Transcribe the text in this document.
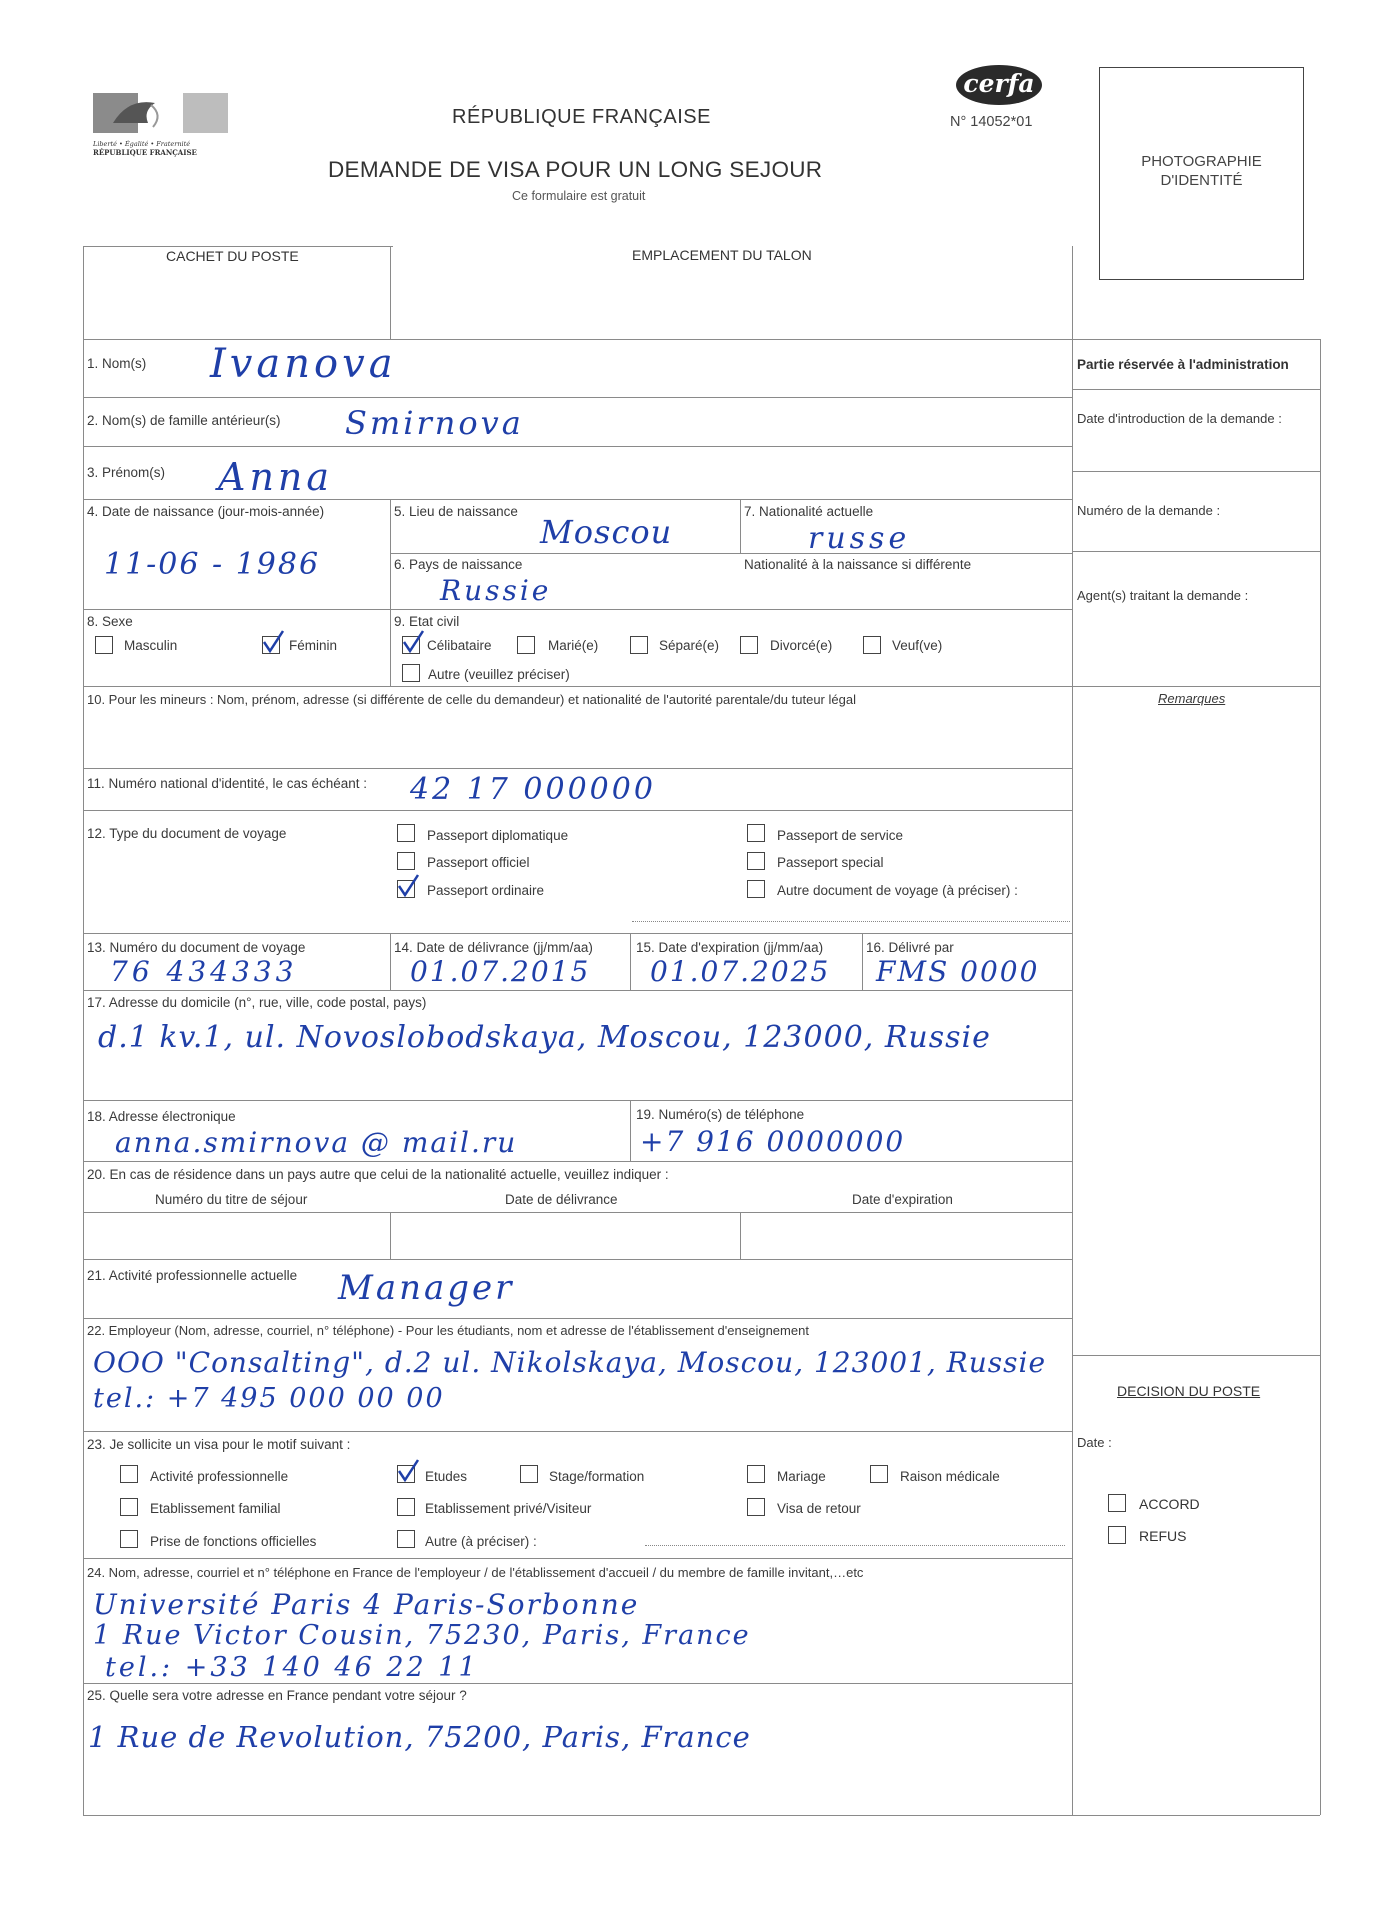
Liberté • Égalité • Fraternité
RÉPUBLIQUE FRANÇAISE
RÉPUBLIQUE FRANÇAISE
DEMANDE DE VISA POUR UN LONG SEJOUR
Ce formulaire est gratuit
cerfa
N° 14052*01
PHOTOGRAPHIE
D'IDENTITÉ
CACHET DU POSTE	EMPLACEMENT DU TALON
Partie réservée à l'administration
Date d'introduction de la demande :
Numéro de la demande :
Agent(s) traitant la demande :
Remarques
DECISION DU POSTE
Date :
ACCORD
REFUS
1. Nom(s) Ivanova
2. Nom(s) de famille antérieur(s) Smirnova
3. Prénom(s) Anna
4. Date de naissance (jour-mois-année)
11-06 - 1986
5. Lieu de naissance
Moscou
6. Pays de naissance
Russie
7. Nationalité actuelle
russe
Nationalité à la naissance si différente
8. Sexe
Masculin	Féminin
9. Etat civil
Célibataire	Marié(e)	Séparé(e)	Divorcé(e)	Veuf(ve)
Autre (veuillez préciser)
10. Pour les mineurs : Nom, prénom, adresse (si différente de celle du demandeur) et nationalité de l'autorité parentale/du tuteur légal
11. Numéro national d'identité, le cas échéant : 42 17 000000
12. Type du document de voyage	Passeport diplomatique
Passeport officiel
Passeport ordinaire
Passeport de service
Passeport special
Autre document de voyage (à préciser) :
13. Numéro du document de voyage
76 434333
14. Date de délivrance (jj/mm/aa)
01.07.2015
15. Date d'expiration (jj/mm/aa)
01.07.2025
16. Délivré par
FMS 0000
17. Adresse du domicile (n°, rue, ville, code postal, pays)
d.1 kv.1, ul. Novoslobodskaya, Moscou, 123000, Russie
18. Adresse électronique
anna.smirnova @ mail.ru
19. Numéro(s) de téléphone
+7 916 0000000
20. En cas de résidence dans un pays autre que celui de la nationalité actuelle, veuillez indiquer :
Numéro du titre de séjour	Date de délivrance	Date d'expiration
21. Activité professionnelle actuelle Manager
22. Employeur (Nom, adresse, courriel, n° téléphone) - Pour les étudiants, nom et adresse de l'établissement d'enseignement
OOO "Consalting", d.2 ul. Nikolskaya, Moscou, 123001, Russie
tel.: +7 495 000 00 00
23. Je sollicite un visa pour le motif suivant :
Activité professionnelle
Etablissement familial
Prise de fonctions officielles
Etudes
Etablissement privé/Visiteur
Autre (à préciser) :
Stage/formation	Mariage
Visa de retour
Raison médicale
24. Nom, adresse, courriel et n° téléphone en France de l'employeur / de l'établissement d'accueil / du membre de famille invitant,…etc
Université Paris 4 Paris-Sorbonne
1 Rue Victor Cousin, 75230, Paris, France
tel.: +33 140 46 22 11
25. Quelle sera votre adresse en France pendant votre séjour ?
1 Rue de Revolution, 75200, Paris, France
